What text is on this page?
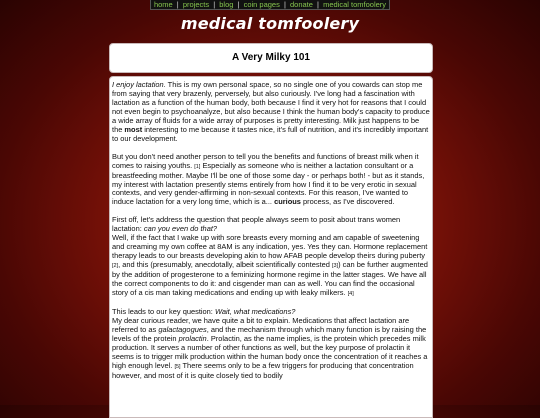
home | projects | blog | coin pages | donate | medical tomfoolery
medical tomfoolery
A Very Milky 101

I enjoy lactation. This is my own personal space, so no single one of you cowards can stop me from saying that very brazenly, perversely, but also curiously. I've long had a fascination with lactation as a function of the human body, both because I find it very hot for reasons that I could not even begin to psychoanalyze, but also because I think the human body's capacity to produce a wide array of fluids for a wide array of purposes is pretty interesting. Milk just happens to be the most interesting to me because it tastes nice, it's full of nutrition, and it's incredibly important to our development.

But you don't need another person to tell you the benefits and functions of breast milk when it comes to raising youths. [1] Especially as someone who is neither a lactation consultant or a breastfeeding mother. Maybe I'll be one of those some day - or perhaps both! - but as it stands, my interest with lactation presently stems entirely from how I find it to be very erotic in sexual contexts, and very gender-affirming in non-sexual contexts. For this reason, I've wanted to induce lactation for a very long time, which is a... curious process, as I've discovered.

First off, let's address the question that people always seem to posit about trans women lactation: can you even do that?

Well, if the fact that I wake up with sore breasts every morning and am capable of sweetening and creaming my own coffee at 8AM is any indication, yes. Yes they can. Hormone replacement therapy leads to our breasts developing akin to how AFAB people develop theirs during puberty [2], and this (presumably, anecdotally, albeit scientifically contested [3]) can be further augmented by the addition of progesterone to a feminizing hormone regime in the latter stages. We have all the correct components to do it: and cisgender man can as well. You can find the occasional story of a cis man taking medications and ending up with leaky milkers. [4]

This leads to our key question: Wait, what medications?

My dear curious reader, we have quite a bit to explain. Medications that affect lactation are referred to as galactagogues, and the mechanism through which many function is by raising the levels of the protein prolactin. Prolactin, as the name implies, is the protein which precedes milk production. It serves a number of other functions as well, but the key purpose of prolactin it seems is to trigger milk production within the human body once the concentration of it reaches a high enough level. [5] There seems only to be a few triggers for producing that concentration however, and most of it is quite closely tied to bodily
